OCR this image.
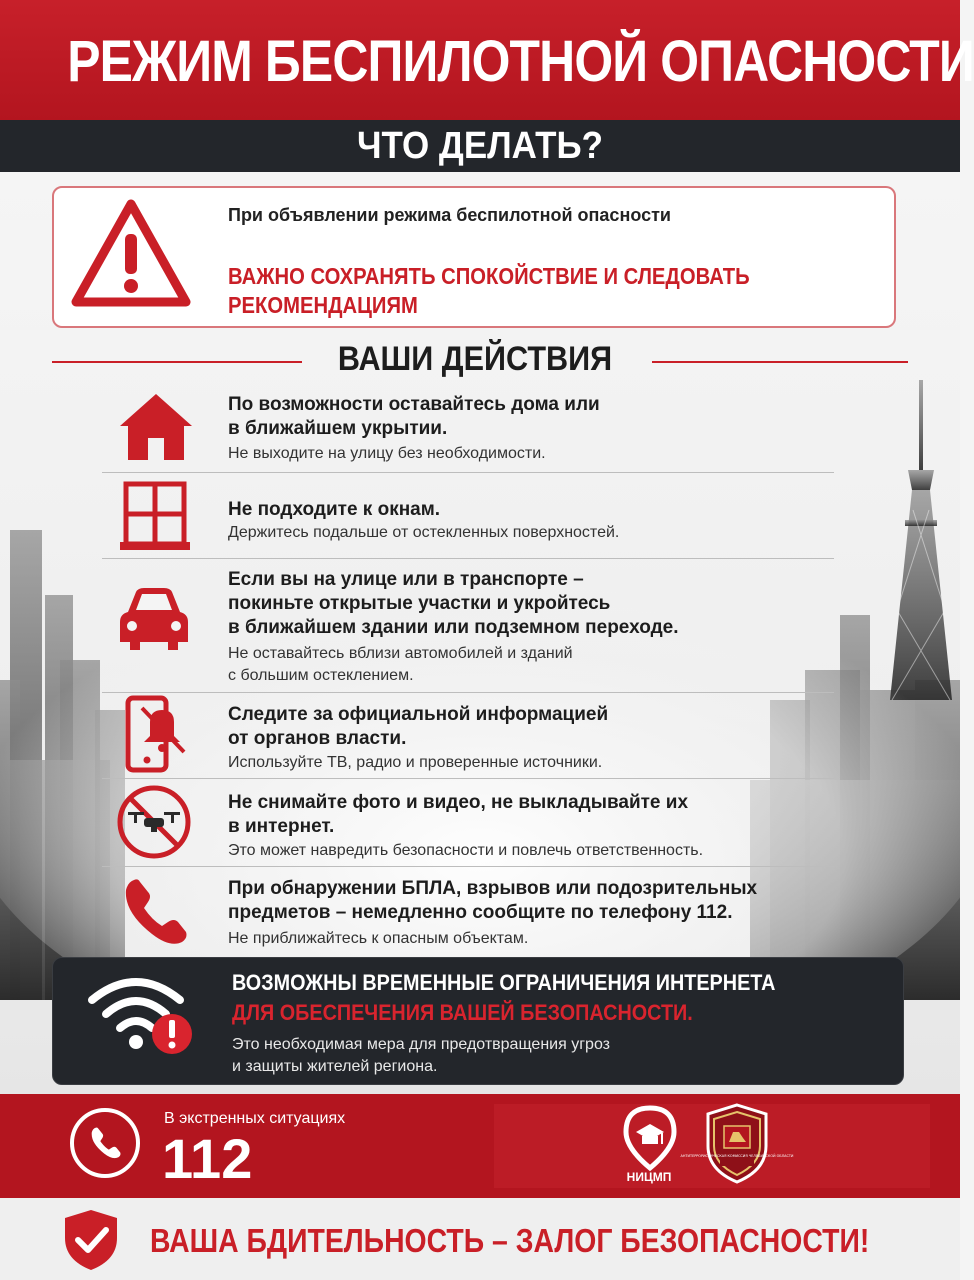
РЕЖИМ БЕСПИЛОТНОЙ ОПАСНОСТИ
ЧТО ДЕЛАТЬ?
При объявлении режима беспилотной опасности
ВАЖНО СОХРАНЯТЬ СПОКОЙСТВИЕ И СЛЕДОВАТЬ РЕКОМЕНДАЦИЯМ
ВАШИ ДЕЙСТВИЯ
По возможности оставайтесь дома или
в ближайшем укрытии.
Не выходите на улицу без необходимости.
Не подходите к окнам.
Держитесь подальше от остекленных поверхностей.
Если вы на улице или в транспорте –
покиньте открытые участки и укройтесь
в ближайшем здании или подземном переходе.
Не оставайтесь вблизи автомобилей и зданий
с большим остеклением.
Следите за официальной информацией
от органов власти.
Используйте ТВ, радио и проверенные источники.
Не снимайте фото и видео, не выкладывайте их
в интернет.
Это может навредить безопасности и повлечь ответственность.
При обнаружении БПЛА, взрывов или подозрительных
предметов – немедленно сообщите по телефону 112.
Не приближайтесь к опасным объектам.
ВОЗМОЖНЫ ВРЕМЕННЫЕ ОГРАНИЧЕНИЯ ИНТЕРНЕТА
ДЛЯ ОБЕСПЕЧЕНИЯ ВАШЕЙ БЕЗОПАСНОСТИ.
Это необходимая мера для предотвращения угроз
и защиты жителей региона.
В экстренных ситуациях
112	НИЦМП
АНТИТЕРРОРИСТИЧЕСКАЯ КОМИССИЯ ЧЕЛЯБИНСКОЙ ОБЛАСТИ
ВАША БДИТЕЛЬНОСТЬ – ЗАЛОГ БЕЗОПАСНОСТИ!
